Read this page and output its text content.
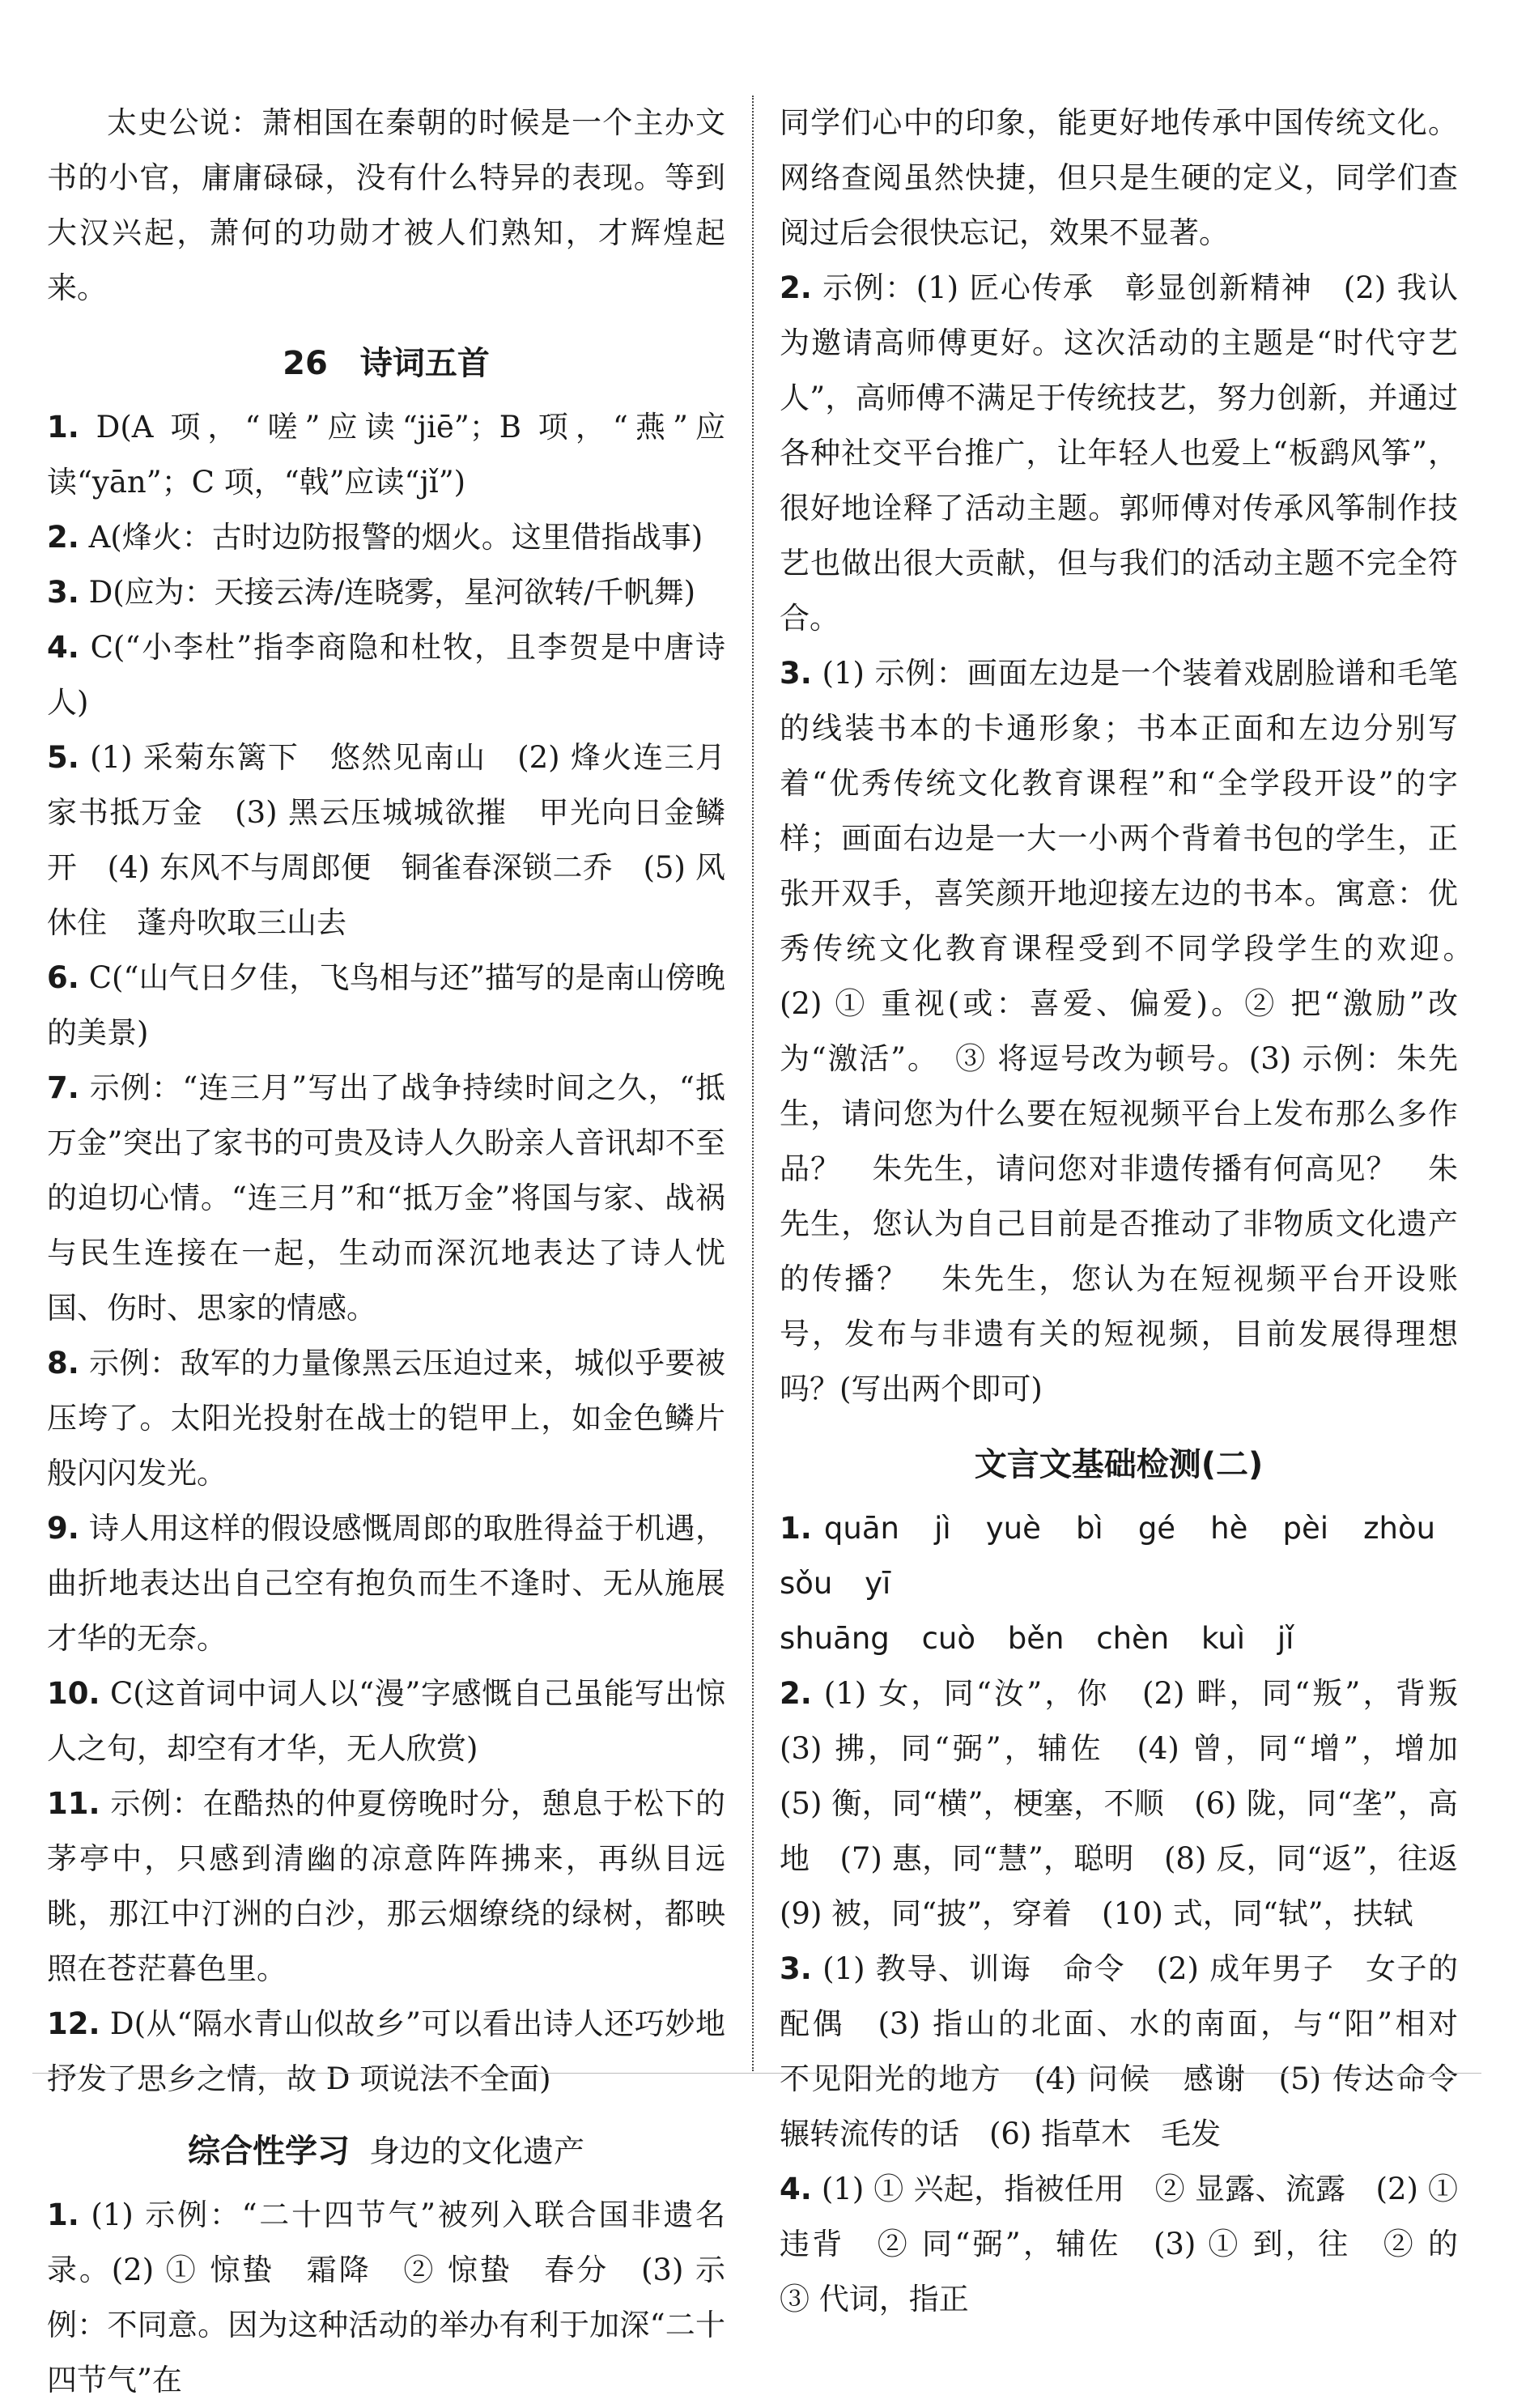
太史公说：萧相国在秦朝的时候是一个主办文书的小官，庸庸碌碌，没有什么特异的表现。等到大汉兴起，萧何的功勋才被人们熟知，才辉煌起来。

26　诗词五首

1. D(A 项，“嗟”应读“jiē”；B 项，“燕”应读“yān”；C 项，“戟”应读“jǐ”)

2. A(烽火：古时边防报警的烟火。这里借指战事)

3. D(应为：天接云涛/连晓雾，星河欲转/千帆舞)

4. C(“小李杜”指李商隐和杜牧，且李贺是中唐诗人)

5. (1) 采菊东篱下　悠然见南山　(2) 烽火连三月　家书抵万金　(3) 黑云压城城欲摧　甲光向日金鳞开　(4) 东风不与周郎便　铜雀春深锁二乔　(5) 风休住　蓬舟吹取三山去

6. C(“山气日夕佳，飞鸟相与还”描写的是南山傍晚的美景)

7. 示例：“连三月”写出了战争持续时间之久，“抵万金”突出了家书的可贵及诗人久盼亲人音讯却不至的迫切心情。“连三月”和“抵万金”将国与家、战祸与民生连接在一起，生动而深沉地表达了诗人忧国、伤时、思家的情感。

8. 示例：敌军的力量像黑云压迫过来，城似乎要被压垮了。太阳光投射在战士的铠甲上，如金色鳞片般闪闪发光。

9. 诗人用这样的假设感慨周郎的取胜得益于机遇，曲折地表达出自己空有抱负而生不逢时、无从施展才华的无奈。

10. C(这首词中词人以“漫”字感慨自己虽能写出惊人之句，却空有才华，无人欣赏)

11. 示例：在酷热的仲夏傍晚时分，憩息于松下的茅亭中，只感到清幽的凉意阵阵拂来，再纵目远眺，那江中汀洲的白沙，那云烟缭绕的绿树，都映照在苍茫暮色里。

12. D(从“隔水青山似故乡”可以看出诗人还巧妙地抒发了思乡之情，故 D 项说法不全面)

综合性学习 身边的文化遗产

1. (1) 示例：“二十四节气”被列入联合国非遗名录。(2) ① 惊蛰　霜降　② 惊蛰　春分　(3) 示例：不同意。因为这种活动的举办有利于加深“二十四节气”在

同学们心中的印象，能更好地传承中国传统文化。网络查阅虽然快捷，但只是生硬的定义，同学们查阅过后会很快忘记，效果不显著。

2. 示例：(1) 匠心传承　彰显创新精神　(2) 我认为邀请高师傅更好。这次活动的主题是“时代守艺人”，高师傅不满足于传统技艺，努力创新，并通过各种社交平台推广，让年轻人也爱上“板鹞风筝”，很好地诠释了活动主题。郭师傅对传承风筝制作技艺也做出很大贡献，但与我们的活动主题不完全符合。

3. (1) 示例：画面左边是一个装着戏剧脸谱和毛笔的线装书本的卡通形象；书本正面和左边分别写着“优秀传统文化教育课程”和“全学段开设”的字样；画面右边是一大一小两个背着书包的学生，正张开双手，喜笑颜开地迎接左边的书本。寓意：优秀传统文化教育课程受到不同学段学生的欢迎。　(2) ① 重视(或：喜爱、偏爱)。② 把“激励”改为“激活”。　③ 将逗号改为顿号。(3) 示例：朱先生，请问您为什么要在短视频平台上发布那么多作品？　朱先生，请问您对非遗传播有何高见？　朱先生，您认为自己目前是否推动了非物质文化遗产的传播？　朱先生，您认为在短视频平台开设账号，发布与非遗有关的短视频，目前发展得理想吗？(写出两个即可)

文言文基础检测(二)

1. quān jì yuè bì gé hè pèi zhòu sǒu yī
shuāng cuò běn chèn kuì jǐ

2. (1) 女，同“汝”，你　(2) 畔，同“叛”，背叛　(3) 拂，同“弼”，辅佐　(4) 曾，同“增”，增加　(5) 衡，同“横”，梗塞，不顺　(6) 陇，同“垄”，高地　(7) 惠，同“慧”，聪明　(8) 反，同“返”，往返　(9) 被，同“披”，穿着　(10) 式，同“轼”，扶轼

3. (1) 教导、训诲　命令　(2) 成年男子　女子的配偶　(3) 指山的北面、水的南面，与“阳”相对　不见阳光的地方　(4) 问候　感谢　(5) 传达命令　辗转流传的话　(6) 指草木　毛发

4. (1) ① 兴起，指被任用　② 显露、流露　(2) ① 违背　② 同“弼”，辅佐　(3) ① 到，往　② 的　③ 代词，指正
